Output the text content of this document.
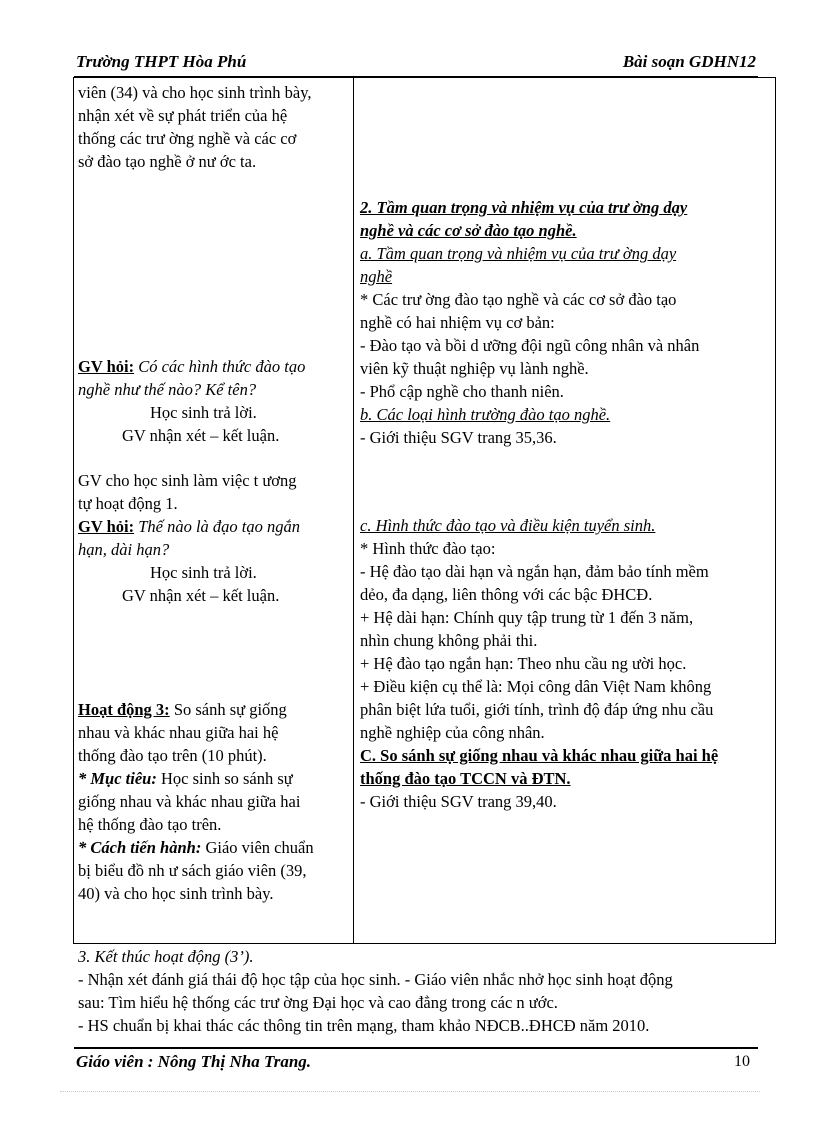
Trường THPT Hòa Phú	Bài soạn GDHN12
viên (34) và cho học sinh trình bày,
nhận xét về sự phát triển của hệ
thống các trư ờng nghề và các cơ
sở đào tạo nghề ở nư ớc ta.
GV hỏi: Có các hình thức đào tạo
nghề như thế nào? Kể tên?
Học sinh trả lời.
GV nhận xét – kết luận.
GV cho học sinh làm việc t ương
tự hoạt động 1.
GV hỏi: Thế nào là đạo tạo ngắn
hạn, dài hạn?
Học sinh trả lời.
GV nhận xét – kết luận.
Hoạt động 3: So sánh sự giống
nhau và khác nhau giữa hai hệ
thống đào tạo trên (10 phút).
* Mục tiêu: Học sinh so sánh sự
giống nhau và khác nhau giữa hai
hệ thống đào tạo trên.
* Cách tiến hành: Giáo viên chuẩn
bị biểu đồ nh ư sách giáo viên (39,
40) và cho học sinh trình bày.
2. Tầm quan trọng và nhiệm vụ của trư ờng dạy
nghề và các cơ sở đào tạo nghề.
a. Tầm quan trọng và nhiệm vụ của trư ờng dạy
nghề
* Các trư ờng đào tạo nghề và các cơ sở đào tạo
nghề có hai nhiệm vụ cơ bản:
- Đào tạo và bồi d ưỡng đội ngũ công nhân và nhân
viên kỹ thuật nghiệp vụ lành nghề.
- Phổ cập nghề cho thanh niên.
b. Các loại hình trường đào tạo nghề.
- Giới thiệu SGV trang 35,36.
c. Hình thức đào tạo và điều kiện tuyển sinh.
* Hình thức đào tạo:
- Hệ đào tạo dài hạn và ngắn hạn, đảm bảo tính mềm
dẻo, đa dạng, liên thông với các bậc ĐHCĐ.
+ Hệ dài hạn: Chính quy tập trung từ 1 đến 3 năm,
nhìn chung không phải thi.
+ Hệ đào tạo ngắn hạn: Theo nhu cầu ng ười học.
+ Điều kiện cụ thể là: Mọi công dân Việt Nam không
phân biệt lứa tuổi, giới tính, trình độ đáp ứng nhu cầu
nghề nghiệp của công nhân.
C. So sánh sự giống nhau và khác nhau giữa hai hệ
thống đào tạo TCCN và ĐTN.
- Giới thiệu SGV trang 39,40.
3. Kết thúc hoạt động (3’).
- Nhận xét đánh giá thái độ học tập của học sinh. - Giáo viên nhắc nhở học sinh hoạt động
sau: Tìm hiểu hệ thống các trư ờng Đại học và cao đẳng trong các n ước.
- HS chuẩn bị khai thác các thông tin trên mạng, tham khảo NĐCB..ĐHCĐ năm 2010.
Giáo viên : Nông Thị Nha Trang.	10
